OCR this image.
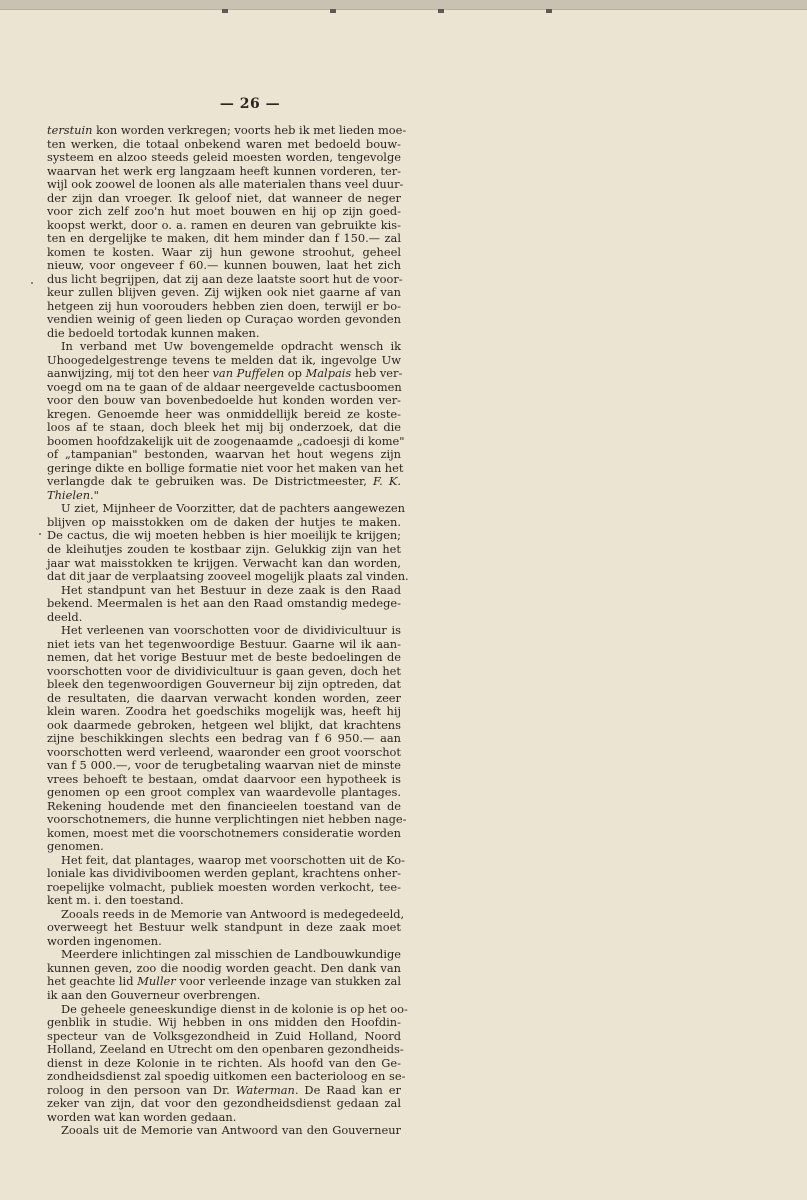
— 26 —
terstuin kon worden verkregen; voorts heb ik met lieden moe-
ten werken, die totaal onbekend waren met bedoeld bouw-
systeem en alzoo steeds geleid moesten worden, tengevolge
waarvan het werk erg langzaam heeft kunnen vorderen, ter-
wijl ook zoowel de loonen als alle materialen thans veel duur-
der zijn dan vroeger. Ik geloof niet, dat wanneer de neger
voor zich zelf zoo'n hut moet bouwen en hij op zijn goed-
koopst werkt, door o. a. ramen en deuren van gebruikte kis-
ten en dergelijke te maken, dit hem minder dan f 150.— zal
komen te kosten. Waar zij hun gewone stroohut, geheel
nieuw, voor ongeveer f 60.— kunnen bouwen, laat het zich
dus licht begrijpen, dat zij aan deze laatste soort hut de voor-
keur zullen blijven geven. Zij wijken ook niet gaarne af van
hetgeen zij hun voorouders hebben zien doen, terwijl er bo-
vendien weinig of geen lieden op Curaçao worden gevonden
die bedoeld tortodak kunnen maken.
In verband met Uw bovengemelde opdracht wensch ik
Uhoogedelgestrenge tevens te melden dat ik, ingevolge Uw
aanwijzing, mij tot den heer van Puffelen op Malpais heb ver-
voegd om na te gaan of de aldaar neergevelde cactusboomen
voor den bouw van bovenbedoelde hut konden worden ver-
kregen. Genoemde heer was onmiddellijk bereid ze koste-
loos af te staan, doch bleek het mij bij onderzoek, dat die
boomen hoofdzakelijk uit de zoogenaamde „cadoesji di kome"
of „tampanian" bestonden, waarvan het hout wegens zijn
geringe dikte en bollige formatie niet voor het maken van het
verlangde dak te gebruiken was. De Districtmeester, F. K.
Thielen."
U ziet, Mijnheer de Voorzitter, dat de pachters aangewezen
blijven op maisstokken om de daken der hutjes te maken.
De cactus, die wij moeten hebben is hier moeilijk te krijgen;
de kleihutjes zouden te kostbaar zijn. Gelukkig zijn van het
jaar wat maisstokken te krijgen. Verwacht kan dan worden,
dat dit jaar de verplaatsing zooveel mogelijk plaats zal vinden.
Het standpunt van het Bestuur in deze zaak is den Raad
bekend. Meermalen is het aan den Raad omstandig medege-
deeld.
Het verleenen van voorschotten voor de dividivicultuur is
niet iets van het tegenwoordige Bestuur. Gaarne wil ik aan-
nemen, dat het vorige Bestuur met de beste bedoelingen de
voorschotten voor de dividivicultuur is gaan geven, doch het
bleek den tegenwoordigen Gouverneur bij zijn optreden, dat
de resultaten, die daarvan verwacht konden worden, zeer
klein waren. Zoodra het goedschiks mogelijk was, heeft hij
ook daarmede gebroken, hetgeen wel blijkt, dat krachtens
zijne beschikkingen slechts een bedrag van f 6 950.— aan
voorschotten werd verleend, waaronder een groot voorschot
van f 5 000.—, voor de terugbetaling waarvan niet de minste
vrees behoeft te bestaan, omdat daarvoor een hypotheek is
genomen op een groot complex van waardevolle plantages.
Rekening houdende met den financieelen toestand van de
voorschotnemers, die hunne verplichtingen niet hebben nage-
komen, moest met die voorschotnemers consideratie worden
genomen.
Het feit, dat plantages, waarop met voorschotten uit de Ko-
loniale kas dividiviboomen werden geplant, krachtens onher-
roepelijke volmacht, publiek moesten worden verkocht, tee-
kent m. i. den toestand.
Zooals reeds in de Memorie van Antwoord is medegedeeld,
overweegt het Bestuur welk standpunt in deze zaak moet
worden ingenomen.
Meerdere inlichtingen zal misschien de Landbouwkundige
kunnen geven, zoo die noodig worden geacht. Den dank van
het geachte lid Muller voor verleende inzage van stukken zal
ik aan den Gouverneur overbrengen.
De geheele geneeskundige dienst in de kolonie is op het oo-
genblik in studie. Wij hebben in ons midden den Hoofdin-
specteur van de Volksgezondheid in Zuid Holland, Noord
Holland, Zeeland en Utrecht om den openbaren gezondheids-
dienst in deze Kolonie in te richten. Als hoofd van den Ge-
zondheidsdienst zal spoedig uitkomen een bacterioloog en se-
roloog in den persoon van Dr. Waterman. De Raad kan er
zeker van zijn, dat voor den gezondheidsdienst gedaan zal
worden wat kan worden gedaan.
Zooals uit de Memorie van Antwoord van den Gouverneur
